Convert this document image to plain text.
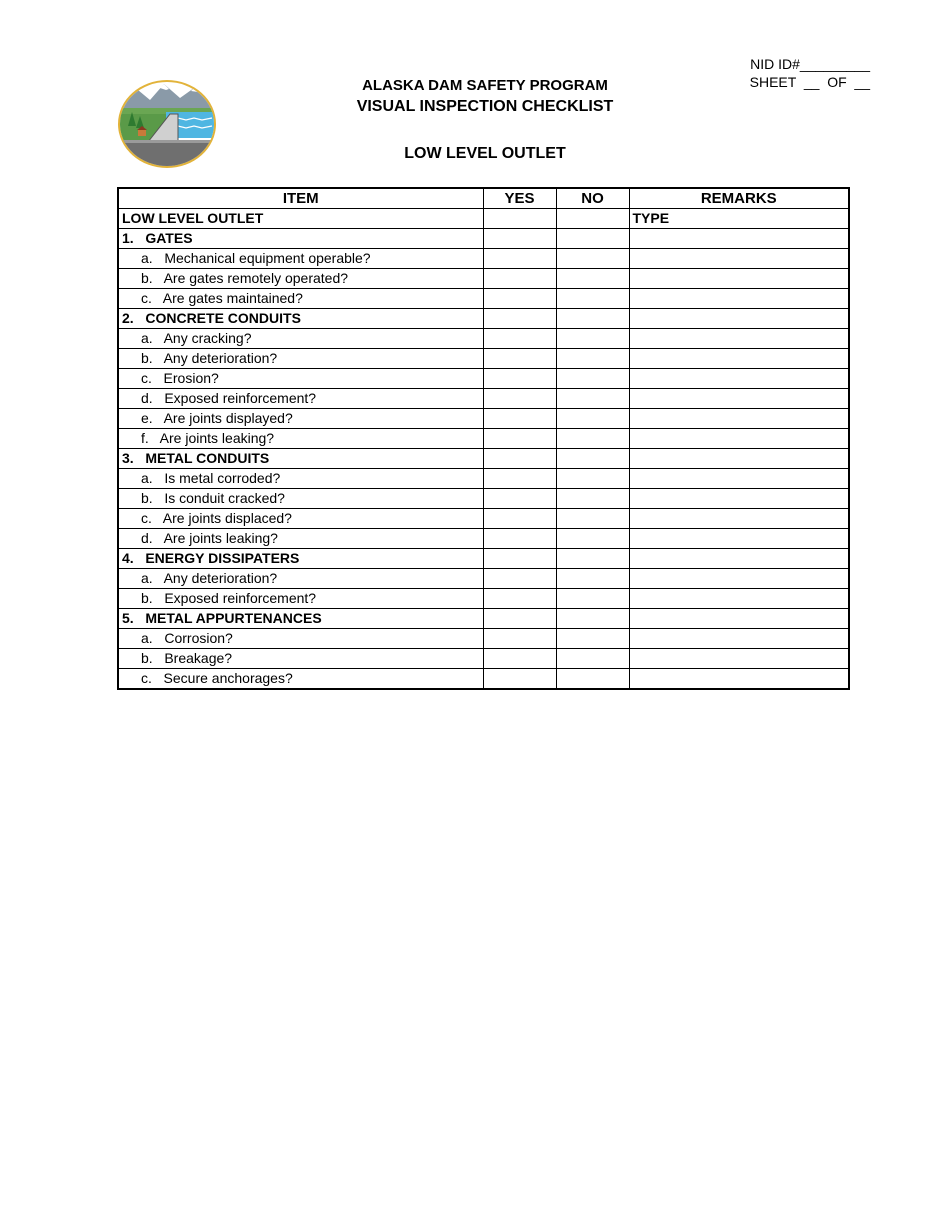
NID ID#_________
SHEET  __  OF  __
ALASKA DAM SAFETY PROGRAM
VISUAL INSPECTION CHECKLIST
LOW LEVEL OUTLET
ITEM	YES	NO	REMARKS
LOW LEVEL OUTLET			TYPE
1.   GATES			
a.   Mechanical equipment operable?			
b.   Are gates remotely operated?			
c.   Are gates maintained?			
2.   CONCRETE CONDUITS			
a.   Any cracking?			
b.   Any deterioration?			
c.   Erosion?			
d.   Exposed reinforcement?			
e.   Are joints displayed?			
f.   Are joints leaking?			
3.   METAL CONDUITS			
a.   Is metal corroded?			
b.   Is conduit cracked?			
c.   Are joints displaced?			
d.   Are joints leaking?			
4.   ENERGY DISSIPATERS			
a.   Any deterioration?			
b.   Exposed reinforcement?			
5.   METAL APPURTENANCES			
a.   Corrosion?			
b.   Breakage?			
c.   Secure anchorages?			
